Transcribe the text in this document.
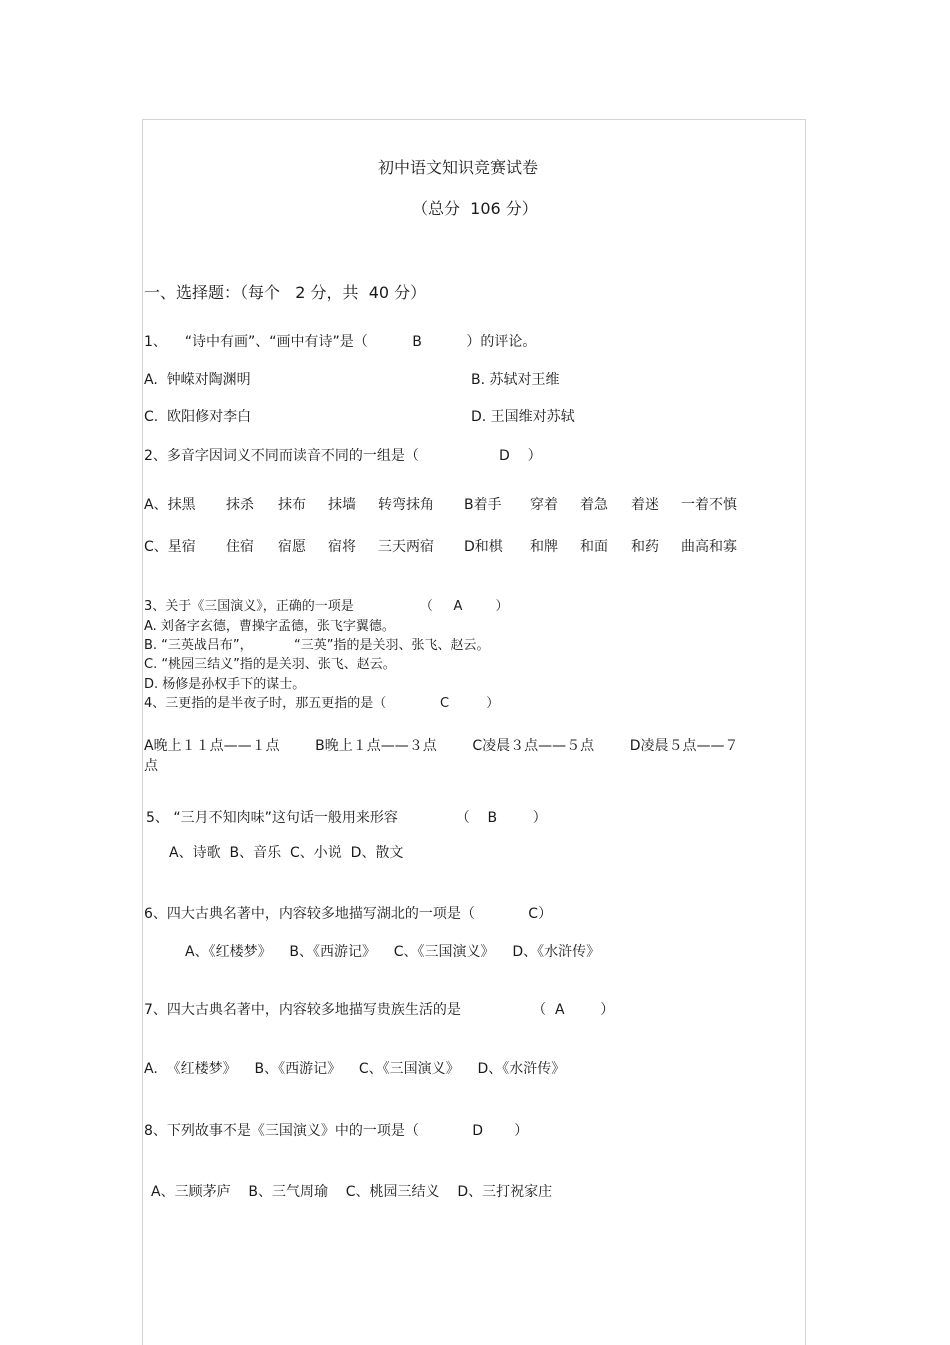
初中语文知识竞赛试卷
（总分  106 分）
一、选择题：（每个   2 分，共  40 分）
1、    “诗中有画”、“画中有诗”是（          B          ）的评论。
A.  钟嵘对陶渊明	B. 苏轼对王维
C.  欧阳修对李白	D. 王国维对苏轼
2、多音字因词义不同而读音不同的一组是（                  D    ）
A、抹黑 抹杀 抹布 抹墙 转弯抹角 B着手 穿着 着急 着迷 一着不慎
C、星宿 住宿 宿愿 宿将 三天两宿 D和棋 和牌 和面 和药 曲高和寡
3、关于《三国演义》，正确的一项是                （     A        ）
A. 刘备字玄德，曹操字孟德，张飞字翼德。
B. “三英战吕布”，          “三英”指的是关羽、张飞、赵云。
C. “桃园三结义”指的是关羽、张飞、赵云。
D. 杨修是孙权手下的谋士。
4、三更指的是半夜子时，那五更指的是（             C         ）
A晚上１１点——１点        B晚上１点——３点        C凌晨３点——５点        D凌晨５点——７
点
5、 “三月不知肉味”这句话一般用来形容             （    B        ）
A、诗歌  B、音乐  C、小说  D、散文
6、四大古典名著中，内容较多地描写湖北的一项是（            C）
A、《红楼梦》    B、《西游记》    C、《三国演义》    D、《水浒传》
7、四大古典名著中，内容较多地描写贵族生活的是                （  A        ）
A.  《红楼梦》    B、《西游记》    C、《三国演义》    D、《水浒传》
8、下列故事不是《三国演义》中的一项是（            D       ）
A、三顾茅庐    B、三气周瑜    C、桃园三结义    D、三打祝家庄
